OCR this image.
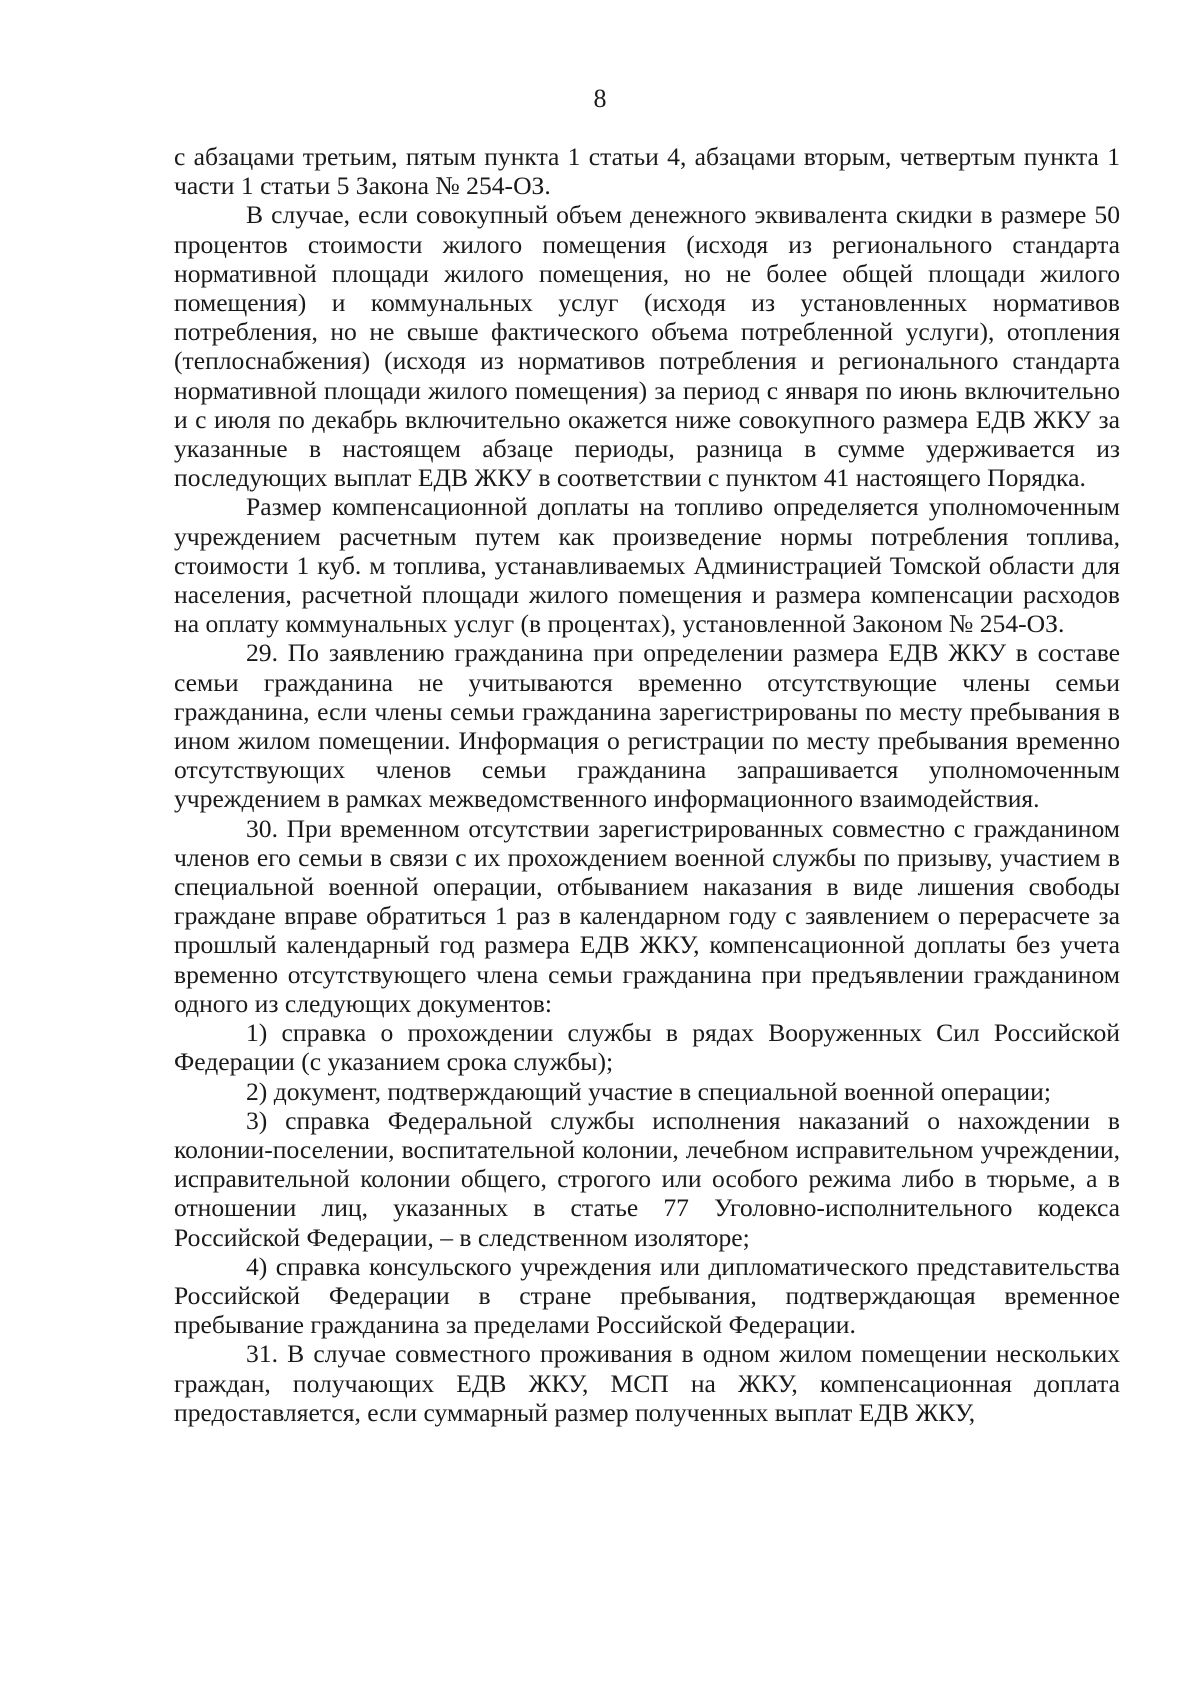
8

с абзацами третьим, пятым пункта 1 статьи 4, абзацами вторым, четвертым пункта 1 части 1 статьи 5 Закона № 254-ОЗ.

В случае, если совокупный объем денежного эквивалента скидки в размере 50 процентов стоимости жилого помещения (исходя из регионального стандарта нормативной площади жилого помещения, но не более общей площади жилого помещения) и коммунальных услуг (исходя из установленных нормативов потребления, но не свыше фактического объема потребленной услуги), отопления (теплоснабжения) (исходя из нормативов потребления и регионального стандарта нормативной площади жилого помещения) за период с января по июнь включительно и с июля по декабрь включительно окажется ниже совокупного размера ЕДВ ЖКУ за указанные в настоящем абзаце периоды, разница в сумме удерживается из последующих выплат ЕДВ ЖКУ в соответствии с пунктом 41 настоящего Порядка.

Размер компенсационной доплаты на топливо определяется уполномоченным учреждением расчетным путем как произведение нормы потребления топлива, стоимости 1 куб. м топлива, устанавливаемых Администрацией Томской области для населения, расчетной площади жилого помещения и размера компенсации расходов на оплату коммунальных услуг (в процентах), установленной Законом № 254-ОЗ.

29. По заявлению гражданина при определении размера ЕДВ ЖКУ в составе семьи гражданина не учитываются временно отсутствующие члены семьи гражданина, если члены семьи гражданина зарегистрированы по месту пребывания в ином жилом помещении. Информация о регистрации по месту пребывания временно отсутствующих членов семьи гражданина запрашивается уполномоченным учреждением в рамках межведомственного информационного взаимодействия.

30. При временном отсутствии зарегистрированных совместно с гражданином членов его семьи в связи с их прохождением военной службы по призыву, участием в специальной военной операции, отбыванием наказания в виде лишения свободы граждане вправе обратиться 1 раз в календарном году с заявлением о перерасчете за прошлый календарный год размера ЕДВ ЖКУ, компенсационной доплаты без учета временно отсутствующего члена семьи гражданина при предъявлении гражданином одного из следующих документов:

1) справка о прохождении службы в рядах Вооруженных Сил Российской Федерации (с указанием срока службы);

2) документ, подтверждающий участие в специальной военной операции;

3) справка Федеральной службы исполнения наказаний о нахождении в колонии-поселении, воспитательной колонии, лечебном исправительном учреждении, исправительной колонии общего, строгого или особого режима либо в тюрьме, а в отношении лиц, указанных в статье 77 Уголовно-исполнительного кодекса Российской Федерации, – в следственном изоляторе;

4) справка консульского учреждения или дипломатического представительства Российской Федерации в стране пребывания, подтверждающая временное пребывание гражданина за пределами Российской Федерации.

31. В случае совместного проживания в одном жилом помещении нескольких граждан, получающих ЕДВ ЖКУ, МСП на ЖКУ, компенсационная доплата предоставляется, если суммарный размер полученных выплат ЕДВ ЖКУ,
